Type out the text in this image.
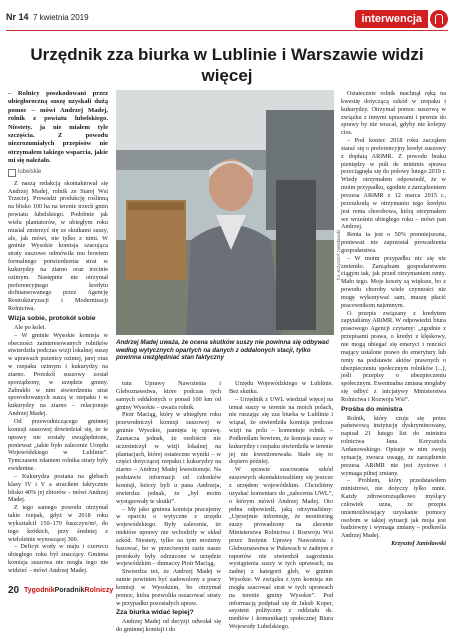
Nr 14 7 kwietnia 2019	interwencja
Urzędnik zza biurka w Lublinie i Warszawie widzi więcej

– Rolnicy poszkodowani przez ubiegłoroczną suszę uzyskali dużą pomoc – mówi Andrzej Madej, rolnik z powiatu lubelskiego. Niestety, ja nie miałem tyle szczęścia. Z powodu niezrozumiałych przepisów nie otrzymałem takiego wsparcia, jakie mi się należało.

lubelskie

Z naszą redakcją skontaktował się Andrzej Madej, rolnik ze Starej Wsi Trzeciej. Prowadzi produkcję roślinną na blisko 100 ha na terenie trzech gmin powiatu lubelskiego. Podobnie jak wielu plantatorów, w ubiegłym roku musiał zmierzyć się ze skutkami suszy, ale, jak mówi, nie tylko z nimi. W gminie Wysokie komisja szacująca straty suszowe odmówiła mu bowiem formalnego potwierdzenia strat w kukurydzy na ziarno oraz trzcinie ozimym. Następnie nie otrzymał preferencyjnego kredytu dofinansowanego przez Agencję Restrukturyzacji i Modernizacji Rolnictwa.

Wizja sobie, protokół sobie

Ale po kolei.

– W gminie Wysokie komisja w obecności zainteresowanych rolników stwierdziła podczas wizji lokalnej suszę w uprawach pszenicy ozimej, jarej oraz w rzepaku ozimym i kukurydzy na ziarno. Protokół suszowy został sporządzony, w urzędzie gminy. Zabrakło w nim stwierdzenia strat spowodowanych suszą w rzepaku i w kukurydzy na ziarno – relacjonuje Andrzej Madej.

Od przewodniczącego gminnej komisji suszowej dowiedział się, że te uprawy nie zostały uwzględnione, ponieważ „takie było zalecenie Urzędu Wojewódzkiego w Lublinie”. Tymczasem zdaniem rolnika straty były ewidentne.

– Kukurydza posiana na glebach klasy IV i V a straciłem faktycznie blisko 40% jej zbiorów – mówi Andrzej Madej.

Z tego samego powodu otrzymał takie rzepak, gdyż w 2018 roku wykształcił 150–170 łuszczyn/m², do tego krótkich, przy średniej z wieloletnie wynoszącej 300.

– Deficyt wody w maju i czerwcu ubiegłego roku był znaczący. Gminna komisja suszowa nie mogła tego nie widzieć – mówi Andrzej Madej.

fot. Krzysztof Janisławski
Andrzej Madej uważa, że ocena skutków suszy nie powinna się odbywać według wytycznych opartych na danych z oddalonych stacji, tylko powinna uwzględniać stan faktyczny

tutu Uprawy Nawożenia i Gleboznawstwa, które podczas tych samych oddalonych o ponad 100 km od gminy Wysokie – uważa rolnik.

Piotr Maciąg, który w ubiegłym roku przewodniczył komisji suszowej w gminie Wysokie, pamięta tę sprawę. Zaznacza jednak, że osobiście nie uczestniczył w wizji lokalnej na plantacjach, której ostateczne wyniki – w części dotyczącej rzepaku i kukurydzy na ziarno – Andrzej Madej kwestionuje. Na podstawie informacji od członków komisji, którzy byli u pana Andrzeja, stwierdza jednak, że „był moim wystąpowały te skutki”.

– My jako gminna komisja pracujemy w oparciu o wytyczne z urzędu wojewódzkiego. Były zalecenia, że niektóre uprawy nie wchodziły w skład szkód. Niestety, tylko na tym możemy bazować, bo w przeciwnym razie nasze protokoły były odrzucone w urzędzie wojewódzkim – tłumaczy Piotr Maciąg.

Stwierdza też, że Andrzej Madej w sumie powinien być zadowolony z pracy komisji w Wysokiem, bo otrzymał pomoc, która pozwoliła oszacować straty w przypadku pozostałych upraw.

Zza biurka widać lepiej?

Andrzej Madej od decyzji odwołał się do gminnej komisji i do

Urzędu Wojewódzkiego w Lublinie. Bez skutku.

– Urzędnik z UWL wiedział więcej na temat suszy w terenie na moich polach, nie ruszając się zza biurka w Lublinie i wiązał, że stwierdziła komisja podczas wizji na polu – komentuje rolnik. – Podkreślam bowiem, że komisja suszy w kukurydzy i rzepaku stwierdziła w terenie jej nie kwestionowała. Stało się to dopiero później.

W sprawie szacowania szkód suszowych skontaktowaliśmy się jeszcze z urzędem wojewódzkim. Chcieliśmy uzyskać komentarz do „zalecenia UWL”, o którym mówił Andrzej Madej. Oto pełna odpowiedź, jaką otrzymaliśmy: „Uprzejmie informuję, że monitoring suszy prowadzony na zlecenie Ministerstwa Rolnictwa i Rozwoju Wsi przez Instytut Uprawy Nawożenia i Gleboznawstwa w Puławach w żadnym z raportów nie stwierdził zagrożenia wystąpienia suszy w tych uprawach, na żadnej z kategorii gleb, w gminie Wysokie. W związku z tym komisja nie mogła szacować strat w tych uprawach na terenie gminy Wysokie”. Pod informacją podpisał się dr Jakub Koper, asystent polityczny z oddziału ds. mediów i komunikacji społecznej Biura Wojewody Lubelskiego.

Ostatecznie rolnik machnął ręką na kwestię dotyczącą szkód w rzepaku i kukurydzy. Otrzymał pomoc suszową w związku z innymi uprawami i pewnie do sprawy by nie wracał, gdyby nie kolejny cios.

– Pod koniec 2018 roku zacząłem starać się o preferencyjny kredyt suszowy z dopłatą ARiMR. Z powodu braku pieniędzy w puli de minimis sprawa przeciągnęła się do połowy lutego 2019 r. Wtedy otrzymałem odpowiedź, że w moim przypadku, zgodnie z zarządzeniem prezesa ARiMR z 12 marca 2015 r., przeszkodą w otrzymaniu tego kredytu jest renta chorobowa, którą otrzymałem we wrześniu ubiegłego roku – mówi pan Andrzej.

Renta ta jest o 50% pomniejszona, ponieważ nie zaprzestał prowadzenia gospodarstwa.

– W moim przypadku nic się nie zmieniło. Zarządzam gospodarstwem ciągym tak, jak przed otrzymaniem renty. Mało tego. Moje koszty są większe, bo z powodu choroby wiele czynności nie mogę wykonywać sam, muszę płacić pracownikom najemnym.

O przepis związany z kredytem zapytaliśmy ARiMR. W odpowiedzi biura prasowego Agencji czytamy: „zgodnie z przepisami prawa, o kredyt z klęskowy, nie mogą ubiegać się emeryci i renciści mający ustalone prawo do emerytury lub renty na podstawie aktów prawnych o ubezpieczeniu społecznym rolników (...), jeśli przepisy o ubezpieczeniu społecznym. Ewentualna zmiana mogłaby się odbyć z inicjatywy Ministerstwa Rolnictwa i Rozwoju Wsi”.

Prośba do ministra

Rolnik, który czuje się przez państwową instytucję dyskryminowany, napisał 21 lutego list do ministra rolnictwa Jana Krzysztofa Ardanowskiego. Opisuje w nim swoją sytuację, zwraca uwagę, że zarządzenie prezesa ARiMR nie jest życiowe i wymaga pilnej zmiany.

– Problem, który przedstawiłem ministrowi, nie dotyczy tylko mnie. Każdy zdroworozsądkowo myślący człowiek uzna, że przepis uniemożliwiający uzyskanie pomocy osobom w takiej sytuacji jak moja jest badziewny i wymaga zmiany – podkreśla Andrzej Madej.

Krzysztof Janisławski

20 TygodnikPoradnikRolniczy
